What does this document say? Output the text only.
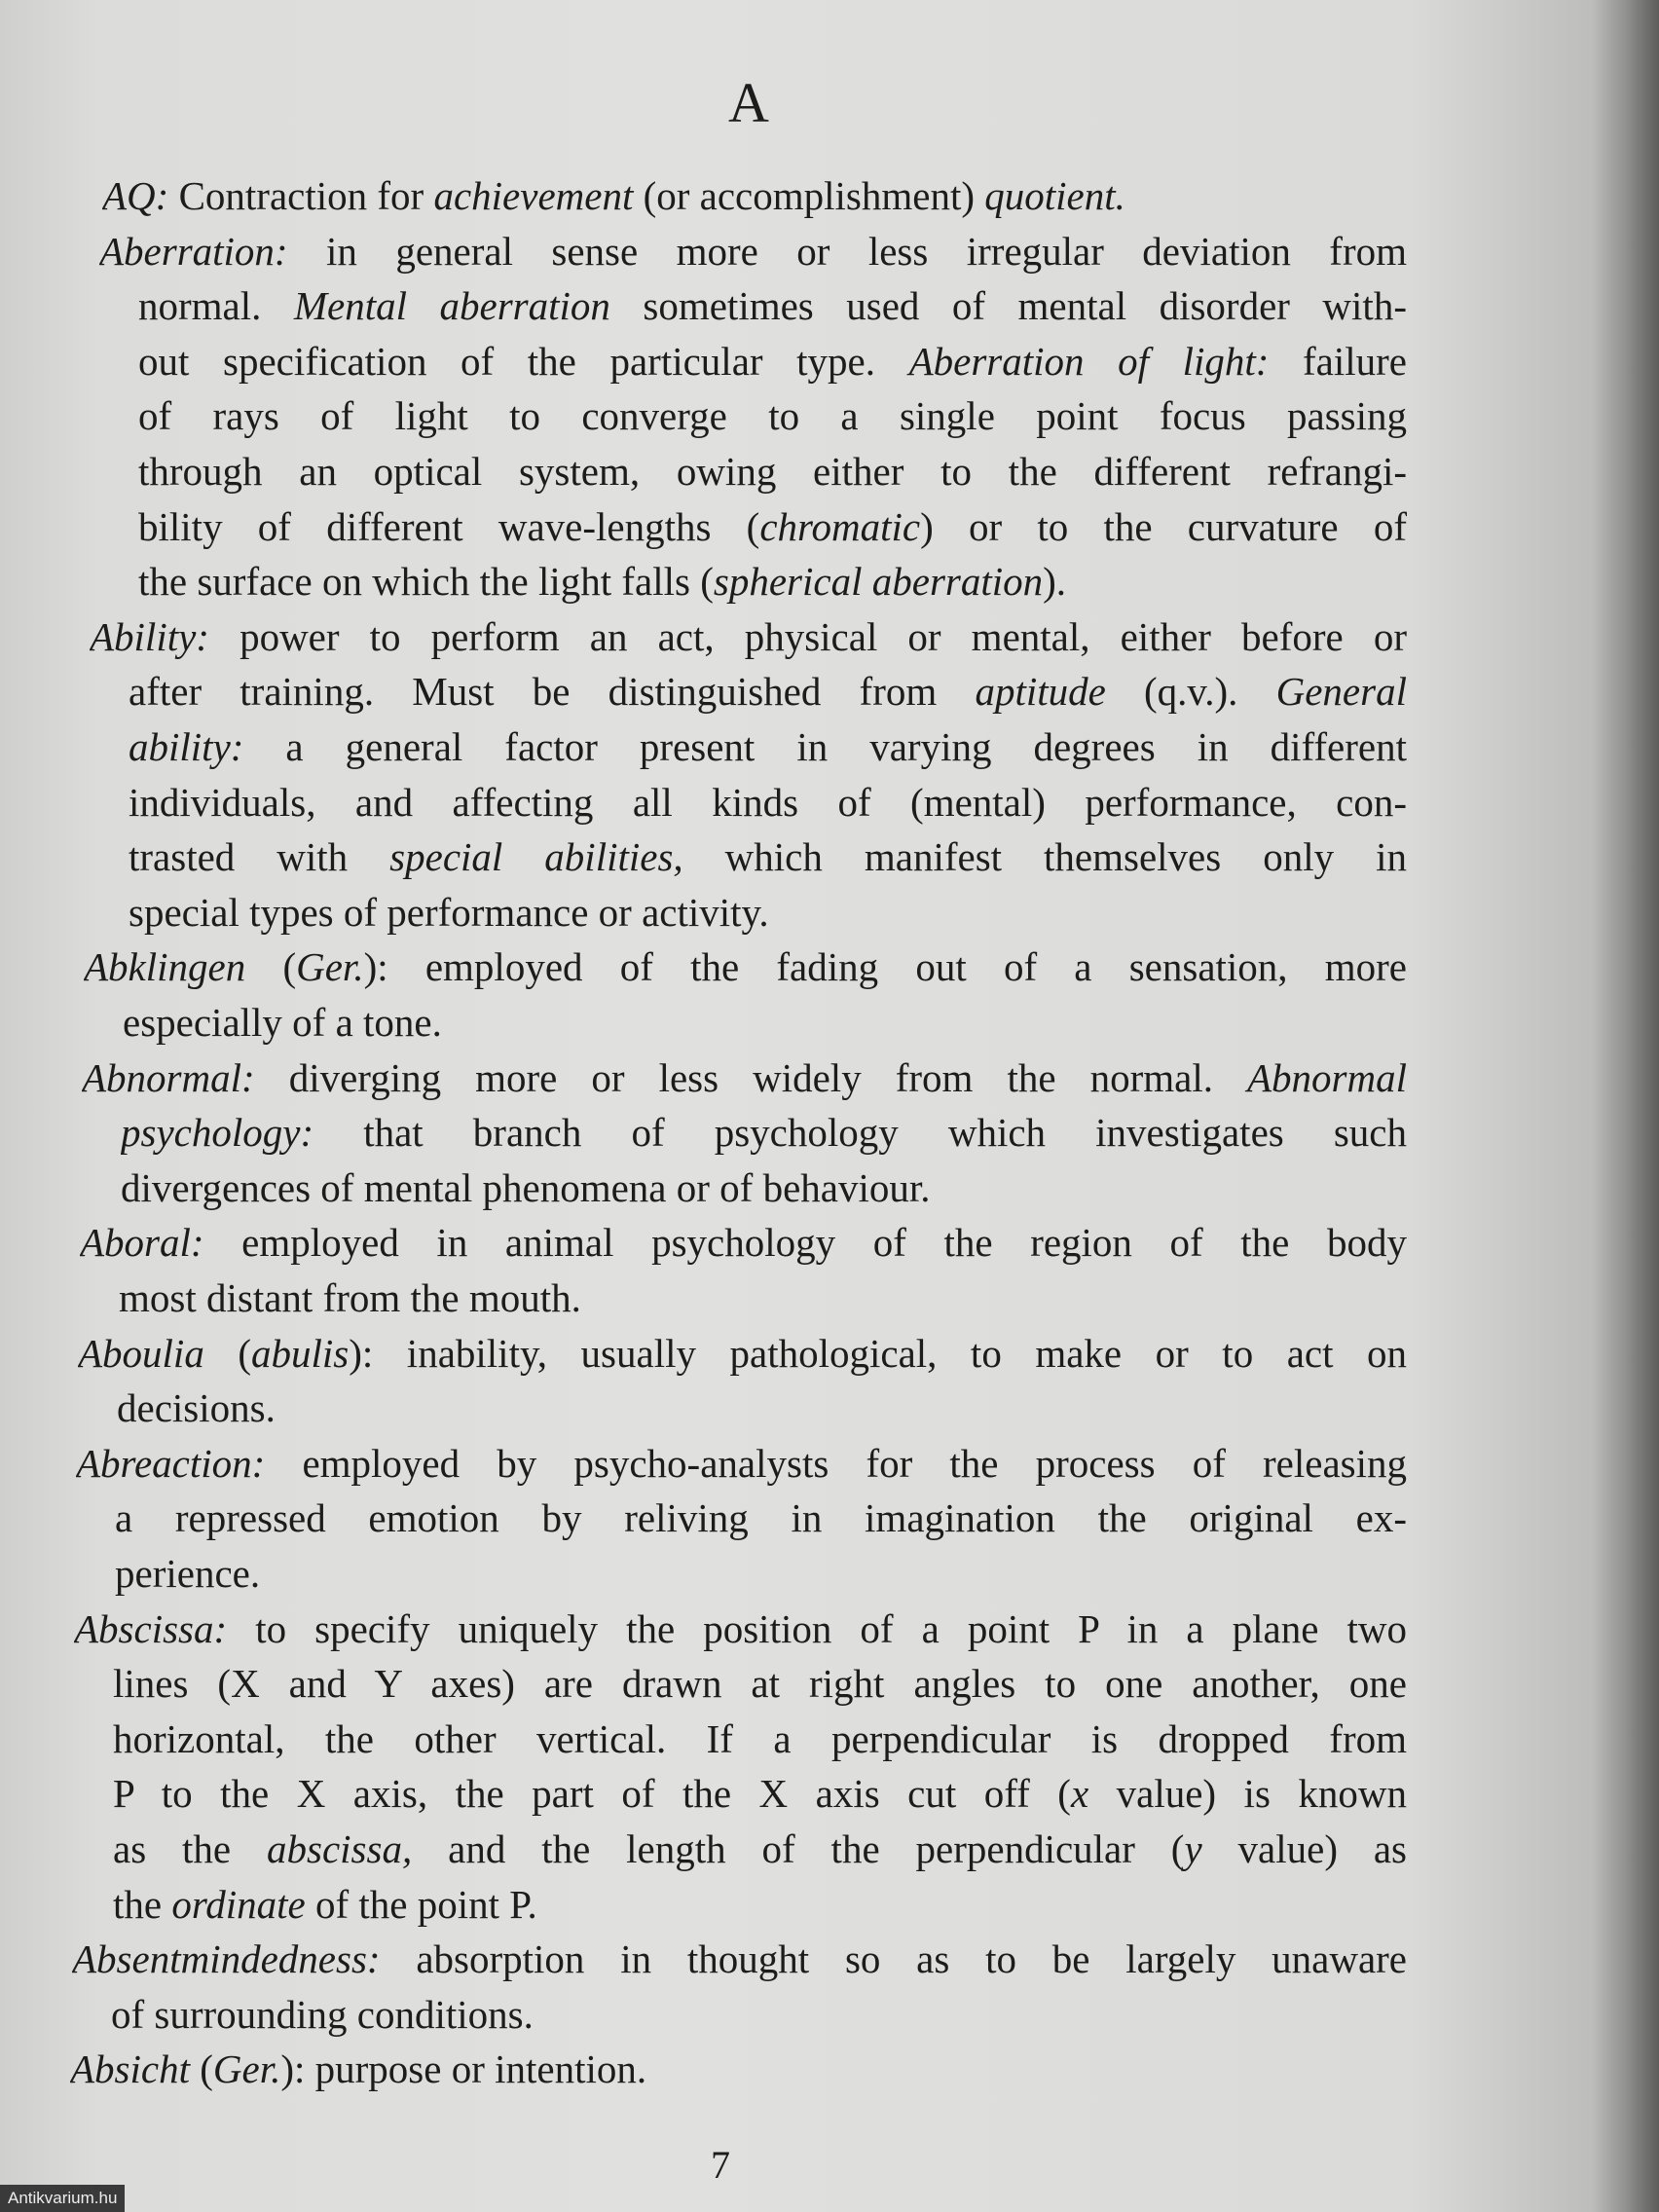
A
AQ: Contraction for achievement (or accomplishment) quotient.
Aberration: in general sense more or less irregular deviation from
normal. Mental aberration sometimes used of mental disorder with-
out specification of the particular type. Aberration of light: failure
of rays of light to converge to a single point focus passing
through an optical system, owing either to the different refrangi-
bility of different wave-lengths (chromatic) or to the curvature of
the surface on which the light falls (spherical aberration).
Ability: power to perform an act, physical or mental, either before or
after training. Must be distinguished from aptitude (q.v.). General
ability: a general factor present in varying degrees in different
individuals, and affecting all kinds of (mental) performance, con-
trasted with special abilities, which manifest themselves only in
special types of performance or activity.
Abklingen (Ger.): employed of the fading out of a sensation, more
especially of a tone.
Abnormal: diverging more or less widely from the normal. Abnormal
psychology: that branch of psychology which investigates such
divergences of mental phenomena or of behaviour.
Aboral: employed in animal psychology of the region of the body
most distant from the mouth.
Aboulia (abulis): inability, usually pathological, to make or to act on
decisions.
Abreaction: employed by psycho-analysts for the process of releasing
a repressed emotion by reliving in imagination the original ex-
perience.
Abscissa: to specify uniquely the position of a point P in a plane two
lines (X and Y axes) are drawn at right angles to one another, one
horizontal, the other vertical. If a perpendicular is dropped from
P to the X axis, the part of the X axis cut off (x value) is known
as the abscissa, and the length of the perpendicular (y value) as
the ordinate of the point P.
Absentmindedness: absorption in thought so as to be largely unaware
of surrounding conditions.
Absicht (Ger.): purpose or intention.
7
Antikvarium.hu
